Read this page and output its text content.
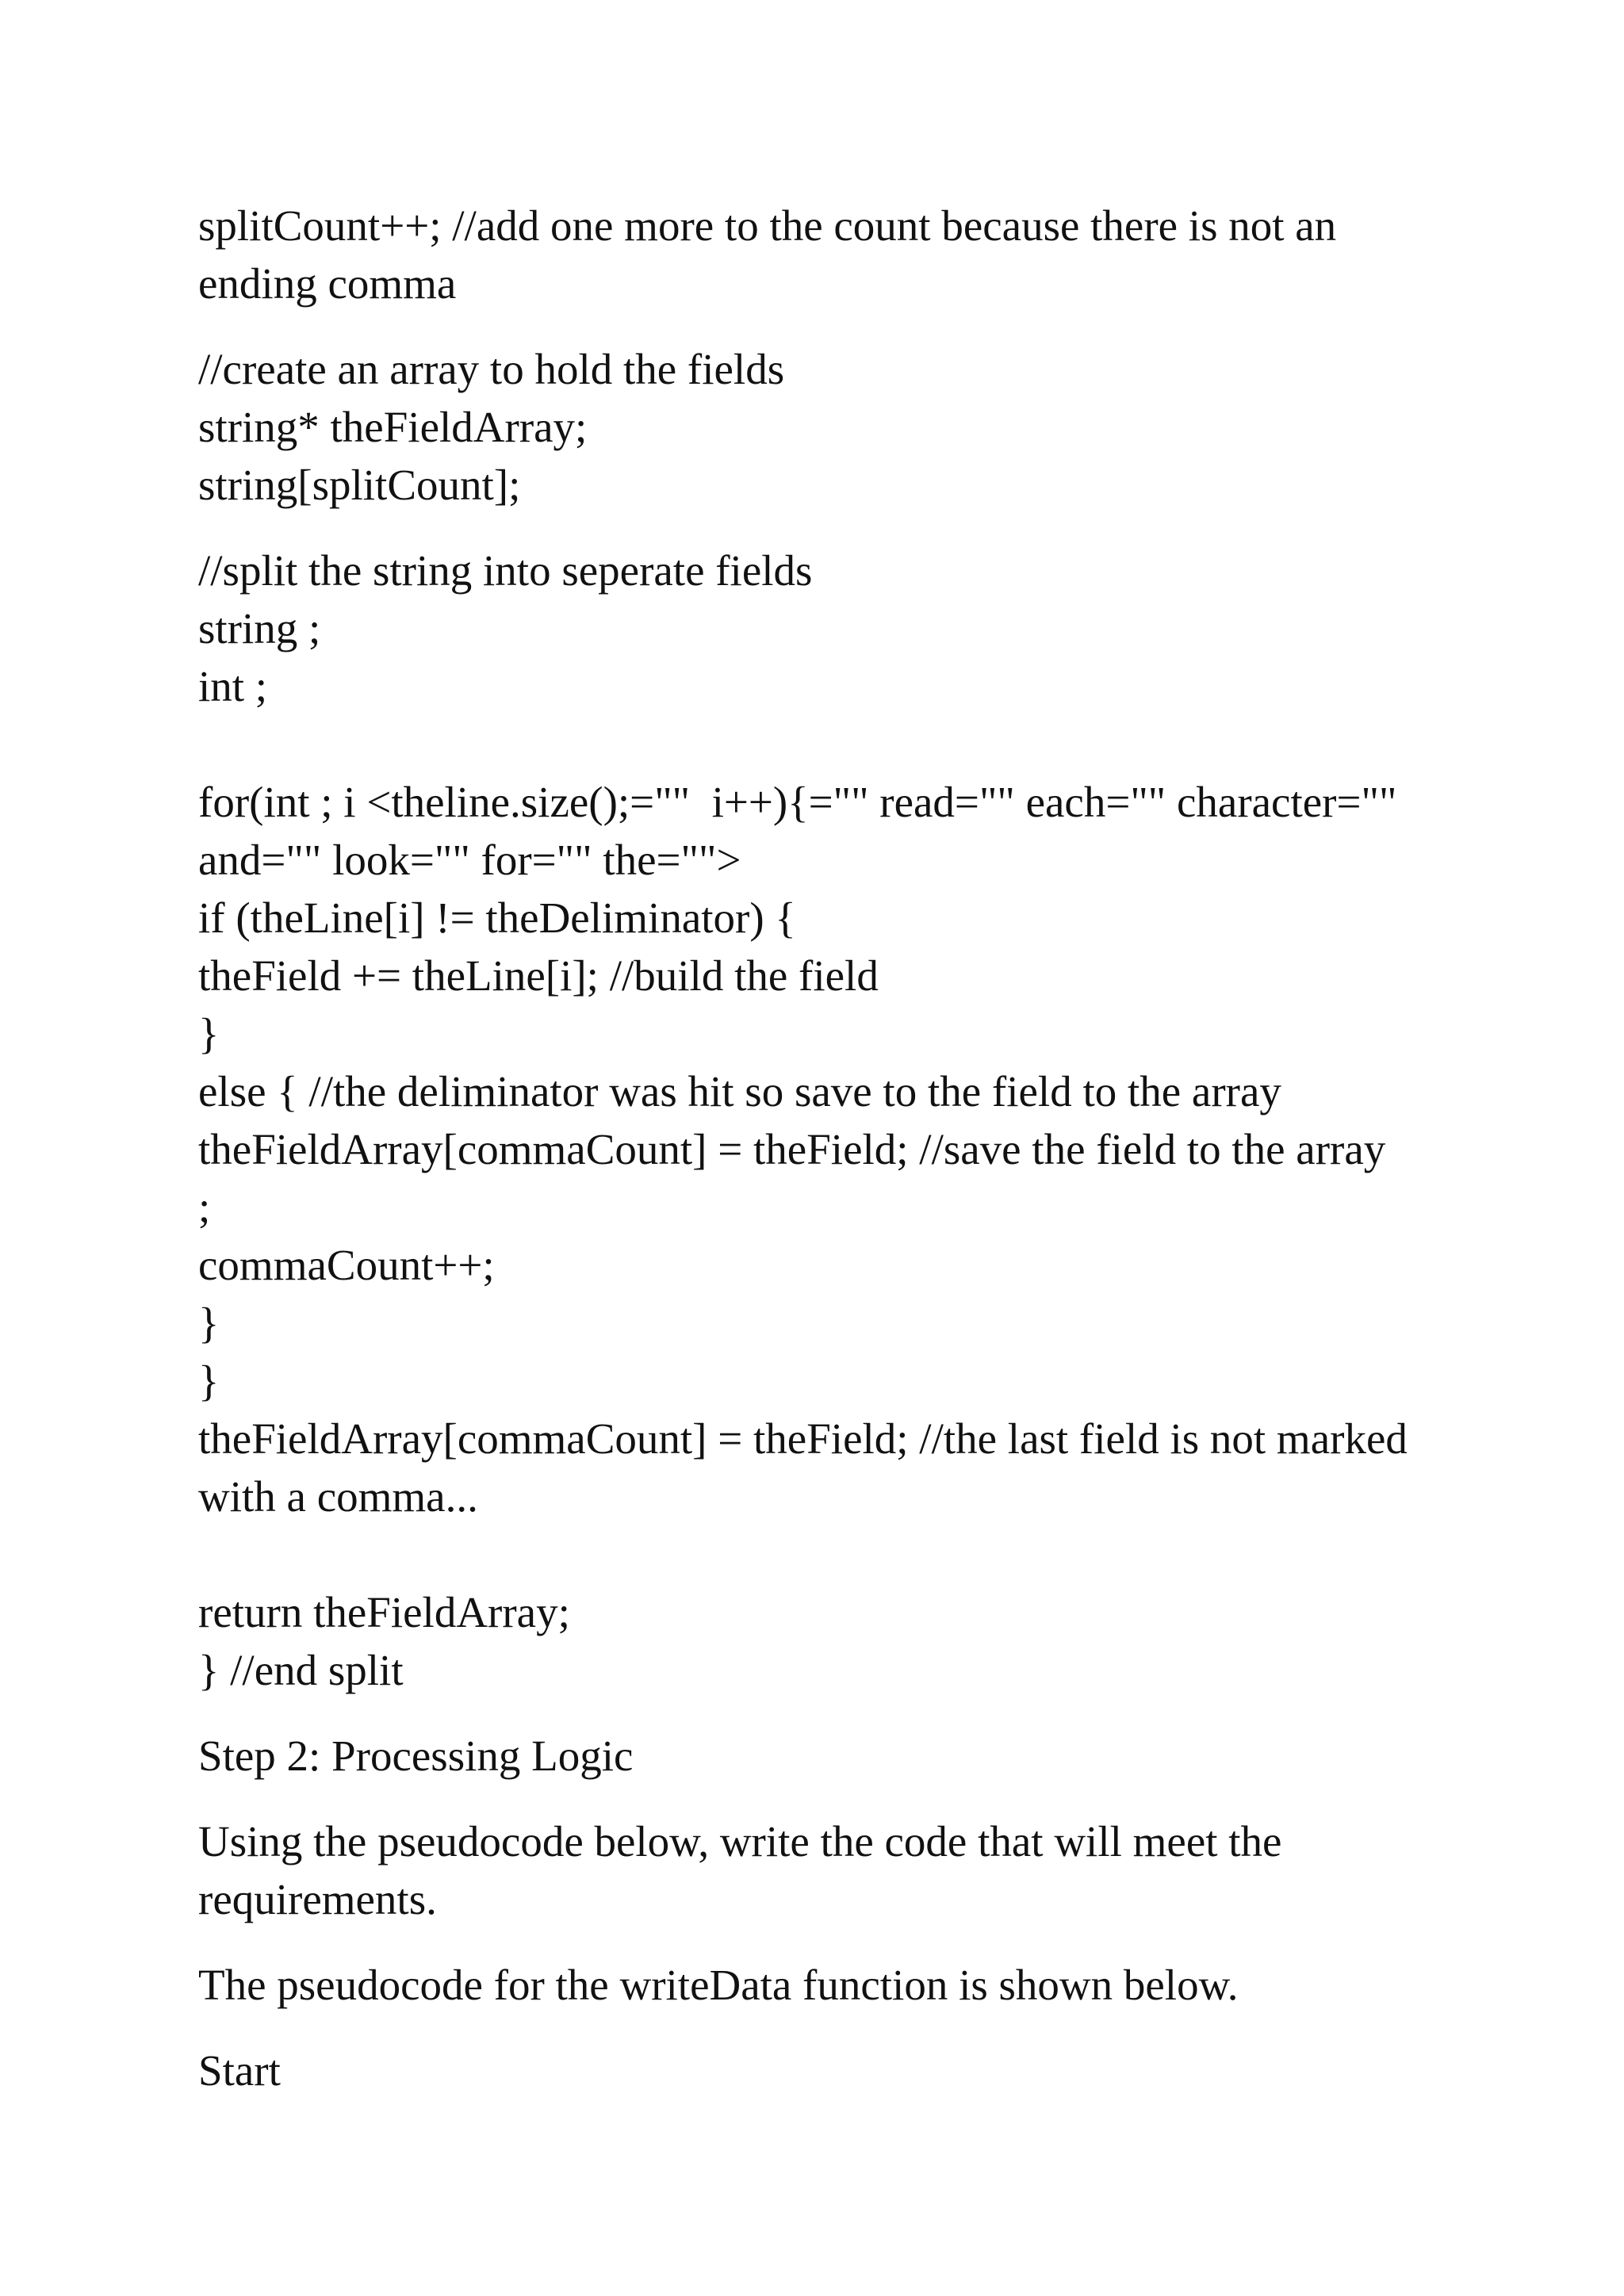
splitCount++; //add one more to the count because there is not an
ending comma
//create an array to hold the fields
string* theFieldArray;
string[splitCount];
//split the string into seperate fields
string ;
int ;
for(int ; i <theline.size();=""  i++){="" read="" each="" character=""
and="" look="" for="" the="">
if (theLine[i] != theDeliminator) {
theField += theLine[i]; //build the field
}
else { //the deliminator was hit so save to the field to the array
theFieldArray[commaCount] = theField; //save the field to the array
;
commaCount++;
}
}
theFieldArray[commaCount] = theField; //the last field is not marked
with a comma...
return theFieldArray;
} //end split
Step 2: Processing Logic
Using the pseudocode below, write the code that will meet the
requirements.
The pseudocode for the writeData function is shown below.
Start
